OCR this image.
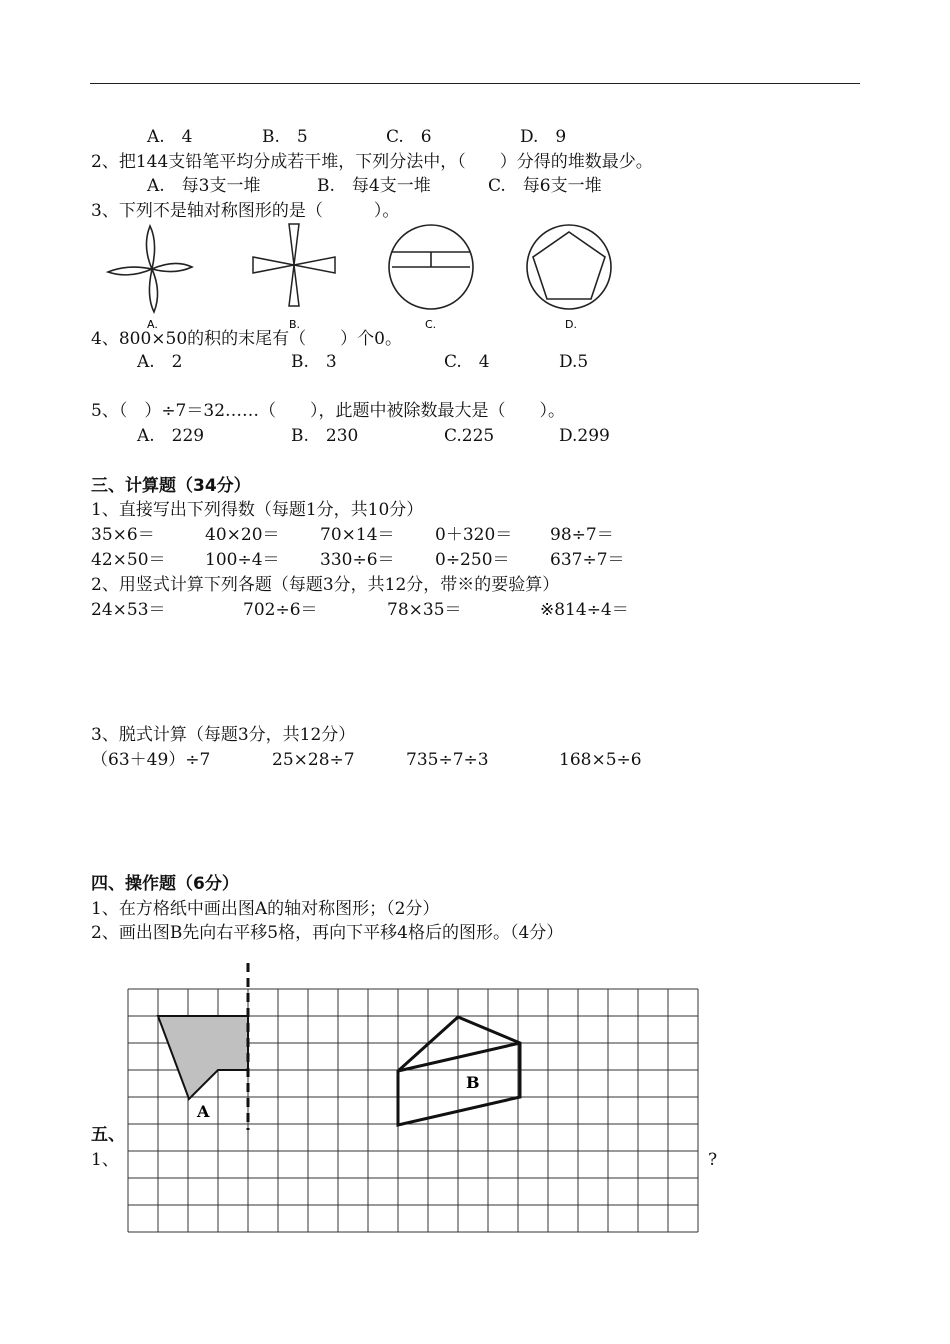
A.　4	B.　5	C.　6	D.　9
2、把144支铅笔平均分成若干堆，下列分法中，（　　）分得的堆数最少。
A.　每3支一堆	B.　每4支一堆	C.　每6支一堆
3、下列不是轴对称图形的是（　　　）。
A.	B.	C.	D.
4、800×50的积的末尾有（　　）个0。
A.　2	B.　3	C.　4	D.5
5、（　）÷7＝32……（　　），此题中被除数最大是（　　）。
A.　229	B.　230	C.225	D.299
三、计算题（34分）
1、直接写出下列得数（每题1分，共10分）
35×6＝	40×20＝ 70×14＝ 0＋320＝ 98÷7＝
42×50＝ 100÷4＝ 330÷6＝ 0÷250＝ 637÷7＝
2、用竖式计算下列各题（每题3分，共12分，带※的要验算）
24×53＝	702÷6＝	78×35＝	※814÷4＝
3、脱式计算（每题3分，共12分）
（63＋49）÷7	25×28÷7	735÷7÷3	168×5÷6
四、操作题（6分）
1、在方格纸中画出图A的轴对称图形；（2分）
2、画出图B先向右平移5格，再向下平移4格后的图形。（4分）
A
B
五、
1、	?
